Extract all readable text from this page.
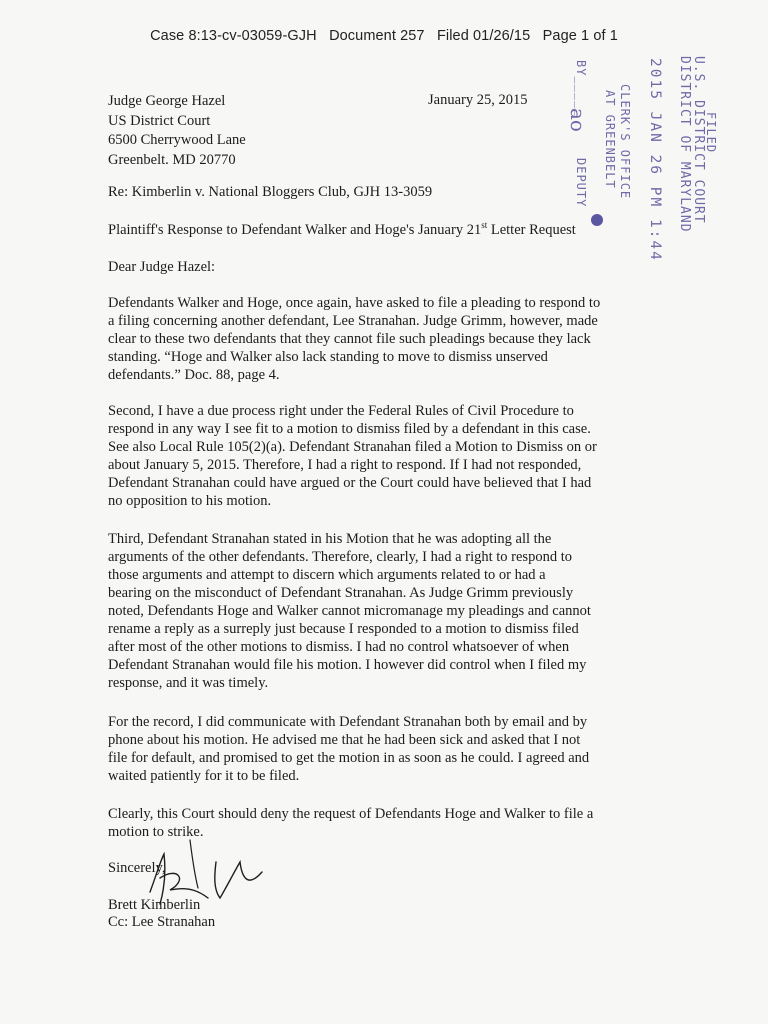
Case 8:13-cv-03059-GJH   Document 257   Filed 01/26/15   Page 1 of 1
U.S. DISTRICT COURT
DISTRICT OF MARYLAND FILED
2015 JAN 26 PM 1:44
CLERK'S OFFICE
AT GREENBELT
BY_____
DEPUTY
ao
Judge George Hazel
US District Court
6500 Cherrywood Lane
Greenbelt. MD 20770
January 25, 2015
Re: Kimberlin v. National Bloggers Club, GJH 13-3059
Plaintiff's Response to Defendant Walker and Hoge's January 21st Letter Request
Dear Judge Hazel:
Defendants Walker and Hoge, once again, have asked to file a pleading to respond to
a filing concerning another defendant, Lee Stranahan. Judge Grimm, however, made
clear to these two defendants that they cannot file such pleadings because they lack
standing. “Hoge and Walker also lack standing to move to dismiss unserved
defendants.” Doc. 88, page 4.
Second, I have a due process right under the Federal Rules of Civil Procedure to
respond in any way I see fit to a motion to dismiss filed by a defendant in this case.
See also Local Rule 105(2)(a). Defendant Stranahan filed a Motion to Dismiss on or
about January 5, 2015. Therefore, I had a right to respond. If I had not responded,
Defendant Stranahan could have argued or the Court could have believed that I had
no opposition to his motion.
Third, Defendant Stranahan stated in his Motion that he was adopting all the
arguments of the other defendants. Therefore, clearly, I had a right to respond to
those arguments and attempt to discern which arguments related to or had a
bearing on the misconduct of Defendant Stranahan. As Judge Grimm previously
noted, Defendants Hoge and Walker cannot micromanage my pleadings and cannot
rename a reply as a surreply just because I responded to a motion to dismiss filed
after most of the other motions to dismiss. I had no control whatsoever of when
Defendant Stranahan would file his motion. I however did control when I filed my
response, and it was timely.
For the record, I did communicate with Defendant Stranahan both by email and by
phone about his motion. He advised me that he had been sick and asked that I not
file for default, and promised to get the motion in as soon as he could. I agreed and
waited patiently for it to be filed.
Clearly, this Court should deny the request of Defendants Hoge and Walker to file a
motion to strike.
Sincerely,
Brett Kimberlin
Cc: Lee Stranahan
